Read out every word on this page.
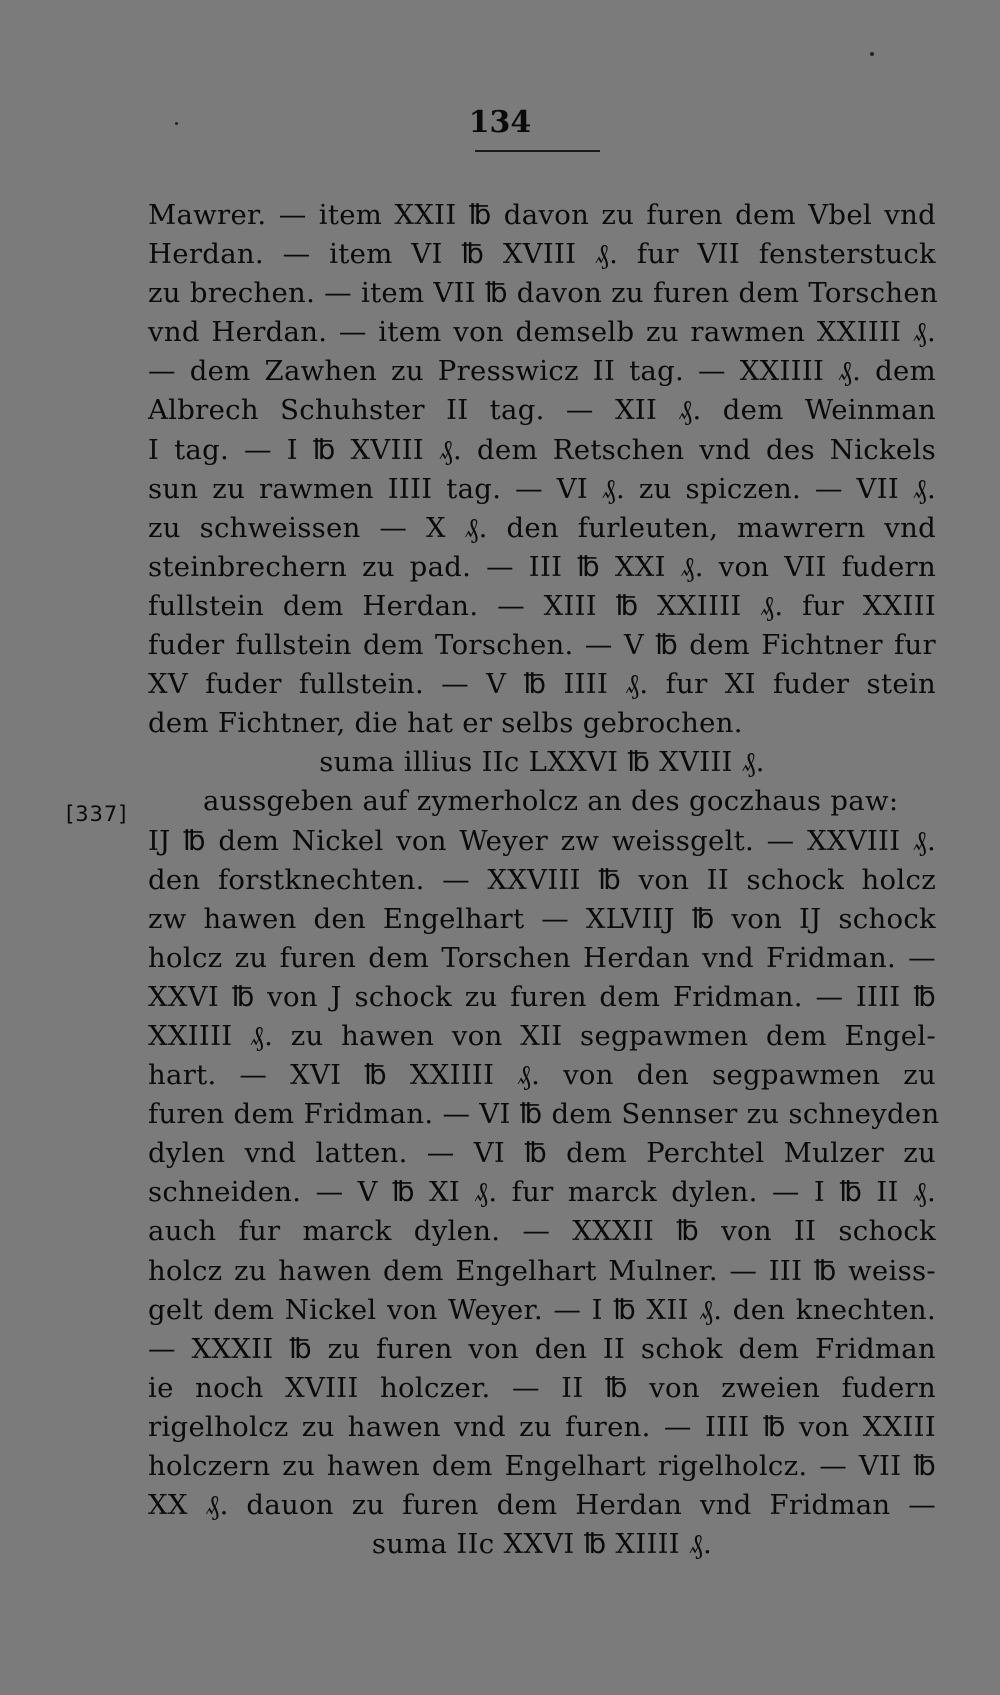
134
[337]
Mawrer. — item XXII ℔ davon zu furen dem Vbel vnd
Herdan. — item VI ℔ XVIII ₰. fur VII fensterstuck
zu brechen. — item VII ℔ davon zu furen dem Torschen
vnd Herdan. — item von demselb zu rawmen XXIIII ₰.
— dem Zawhen zu Presswicz II tag. — XXIIII ₰. dem
Albrech Schuhster II tag. — XII ₰. dem Weinman
I tag. — I ℔ XVIII ₰. dem Retschen vnd des Nickels
sun zu rawmen IIII tag. — VI ₰. zu spiczen. — VII ₰.
zu schweissen — X ₰. den furleuten, mawrern vnd
steinbrechern zu pad. — III ℔ XXI ₰. von VII fudern
fullstein dem Herdan. — XIII ℔ XXIIII ₰. fur XXIII
fuder fullstein dem Torschen. — V ℔ dem Fichtner fur
XV fuder fullstein. — V ℔ IIII ₰. fur XI fuder stein
dem Fichtner, die hat er selbs gebrochen.
suma illius IIc LXXVI ℔ XVIII ₰.
aussgeben auf zymerholcz an des goczhaus paw:
IJ ℔ dem Nickel von Weyer zw weissgelt. — XXVIII ₰.
den forstknechten. — XXVIII ℔ von II schock holcz
zw hawen den Engelhart — XLVIIJ ℔ von IJ schock
holcz zu furen dem Torschen Herdan vnd Fridman. —
XXVI ℔ von J schock zu furen dem Fridman. — IIII ℔
XXIIII ₰. zu hawen von XII segpawmen dem Engel-
hart. — XVI ℔ XXIIII ₰. von den segpawmen zu
furen dem Fridman. — VI ℔ dem Sennser zu schneyden
dylen vnd latten. — VI ℔ dem Perchtel Mulzer zu
schneiden. — V ℔ XI ₰. fur marck dylen. — I ℔ II ₰.
auch fur marck dylen. — XXXII ℔ von II schock
holcz zu hawen dem Engelhart Mulner. — III ℔ weiss-
gelt dem Nickel von Weyer. — I ℔ XII ₰. den knechten.
— XXXII ℔ zu furen von den II schok dem Fridman
ie noch XVIII holczer. — II ℔ von zweien fudern
rigelholcz zu hawen vnd zu furen. — IIII ℔ von XXIII
holczern zu hawen dem Engelhart rigelholcz. — VII ℔
XX ₰. dauon zu furen dem Herdan vnd Fridman —
suma IIc XXVI ℔ XIIII ₰.
